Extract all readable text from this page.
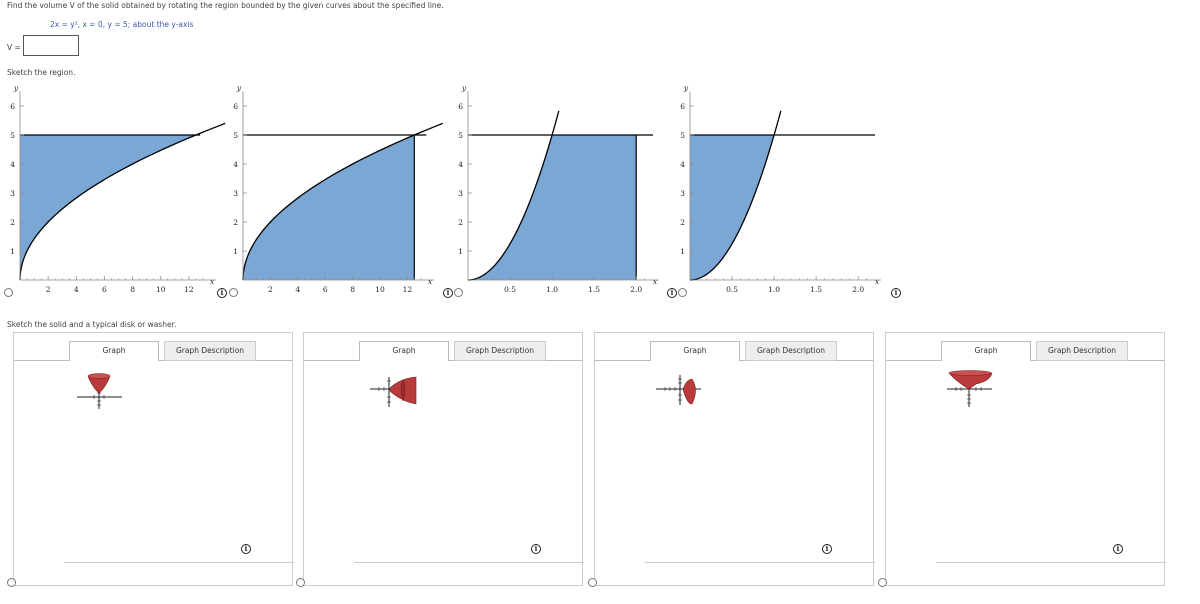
Find the volume V of the solid obtained by rotating the region bounded by the given curves about the specified line.
2x = y², x = 0, y = 5; about the y-axis
V =
Sketch the region.
2	4	6	8	10 12
1
2
3
4
5
6
y
x
2	4	6	8	10 12
1
2
3
4
5
6
y
x
0.5	1.0	1.5	2.0
1
2
3
4
5
6
y
x
0.5	1.0	1.5	2.0
1
2
3
4
5
6
y
x
i	i	i	i
Sketch the solid and a typical disk or washer.
Graph	Graph Description
i
Graph	Graph Description
i
Graph	Graph Description
i
Graph	Graph Description
i
